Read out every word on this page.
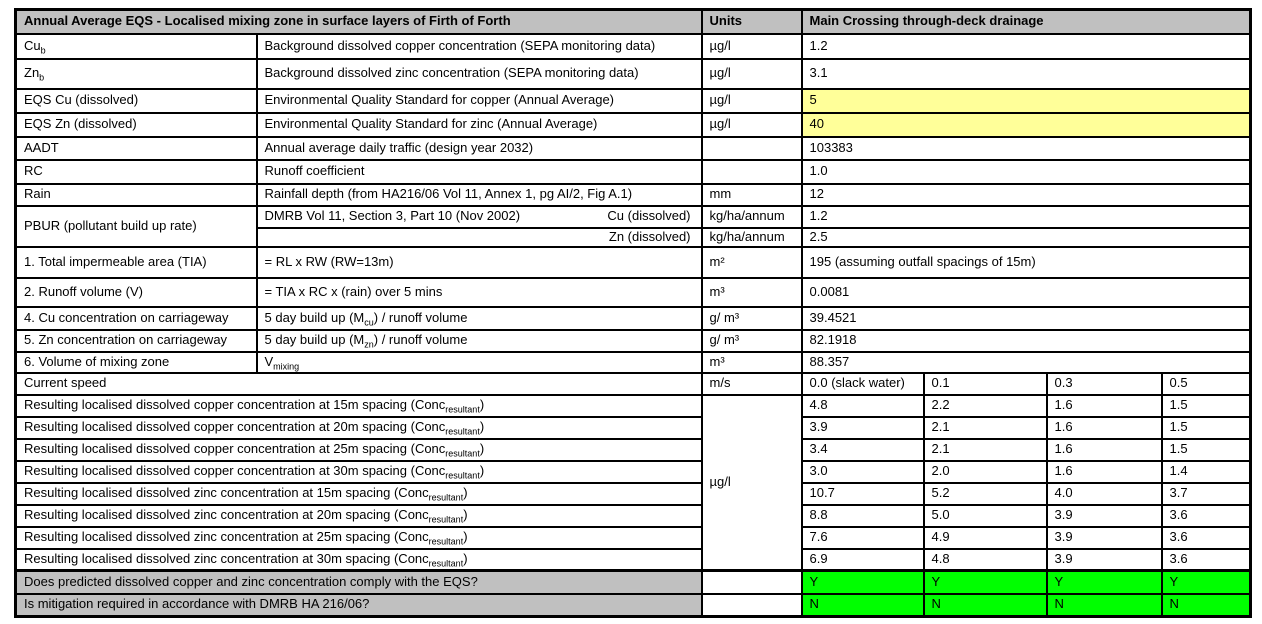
Annual Average EQS - Localised mixing zone in surface layers of Firth of Forth		Units	Main Crossing through-deck drainage			
$Cu_b$	Background dissolved copper concentration (SEPA monitoring data)	µg/l	1.2			
$Zn_b$	Background dissolved zinc concentration (SEPA monitoring data)	µg/l	3.1			
EQS Cu (dissolved)	Environmental Quality Standard for copper (Annual Average)	µg/l	5			
EQS Zn (dissolved)	Environmental Quality Standard for zinc (Annual Average)	µg/l	40			
AADT	Annual average daily traffic (design year 2032)		103383			
RC	Runoff coefficient		1.0			
Rain	Rainfall depth (from HA216/06 Vol 11, Annex 1, pg AI/2, Fig A.1)	mm	12			
PBUR (pollutant build up rate)	DMRB Vol 11, Section 3, Part 10 (Nov 2002) Cu (dissolved)	kg/ha/annum	1.2			
	Zn (dissolved)	kg/ha/annum	2.5			
1. Total impermeable area (TIA)	= RL x RW (RW=13m)	m²	195 (assuming outfall spacings of 15m)			
2. Runoff volume (V)	= TIA x RC x (rain) over 5 mins	m³	0.0081			
4. Cu concentration on carriageway	5 day build up $(M_{cu})$ / runoff volume	g/ m³	39.4521			
5. Zn concentration on carriageway	5 day build up $(M_{zn})$ / runoff volume	g/ m³	82.1918			
6. Volume of mixing zone	$V_{mixing}$	m³	88.357			
Current speed		m/s	0.0 (slack water)	0.1	0.3	0.5
Resulting localised dissolved copper concentration at 15m spacing (Conc$_{resultant}$)		µg/l	4.8	2.2	1.6	1.5
Resulting localised dissolved copper concentration at 20m spacing (Conc$_{resultant}$)			3.9	2.1	1.6	1.5
Resulting localised dissolved copper concentration at 25m spacing (Conc$_{resultant}$)			3.4	2.1	1.6	1.5
Resulting localised dissolved copper concentration at 30m spacing (Conc$_{resultant}$)			3.0	2.0	1.6	1.4
Resulting localised dissolved zinc concentration at 15m spacing (Conc$_{resultant}$)			10.7	5.2	4.0	3.7
Resulting localised dissolved zinc concentration at 20m spacing (Conc$_{resultant}$)			8.8	5.0	3.9	3.6
Resulting localised dissolved zinc concentration at 25m spacing (Conc$_{resultant}$)			7.6	4.9	3.9	3.6
Resulting localised dissolved zinc concentration at 30m spacing (Conc$_{resultant}$)			6.9	4.8	3.9	3.6
Does predicted dissolved copper and zinc concentration comply with the EQS?			Y	Y	Y	Y
Is mitigation required in accordance with DMRB HA 216/06?			N	N	N	N
